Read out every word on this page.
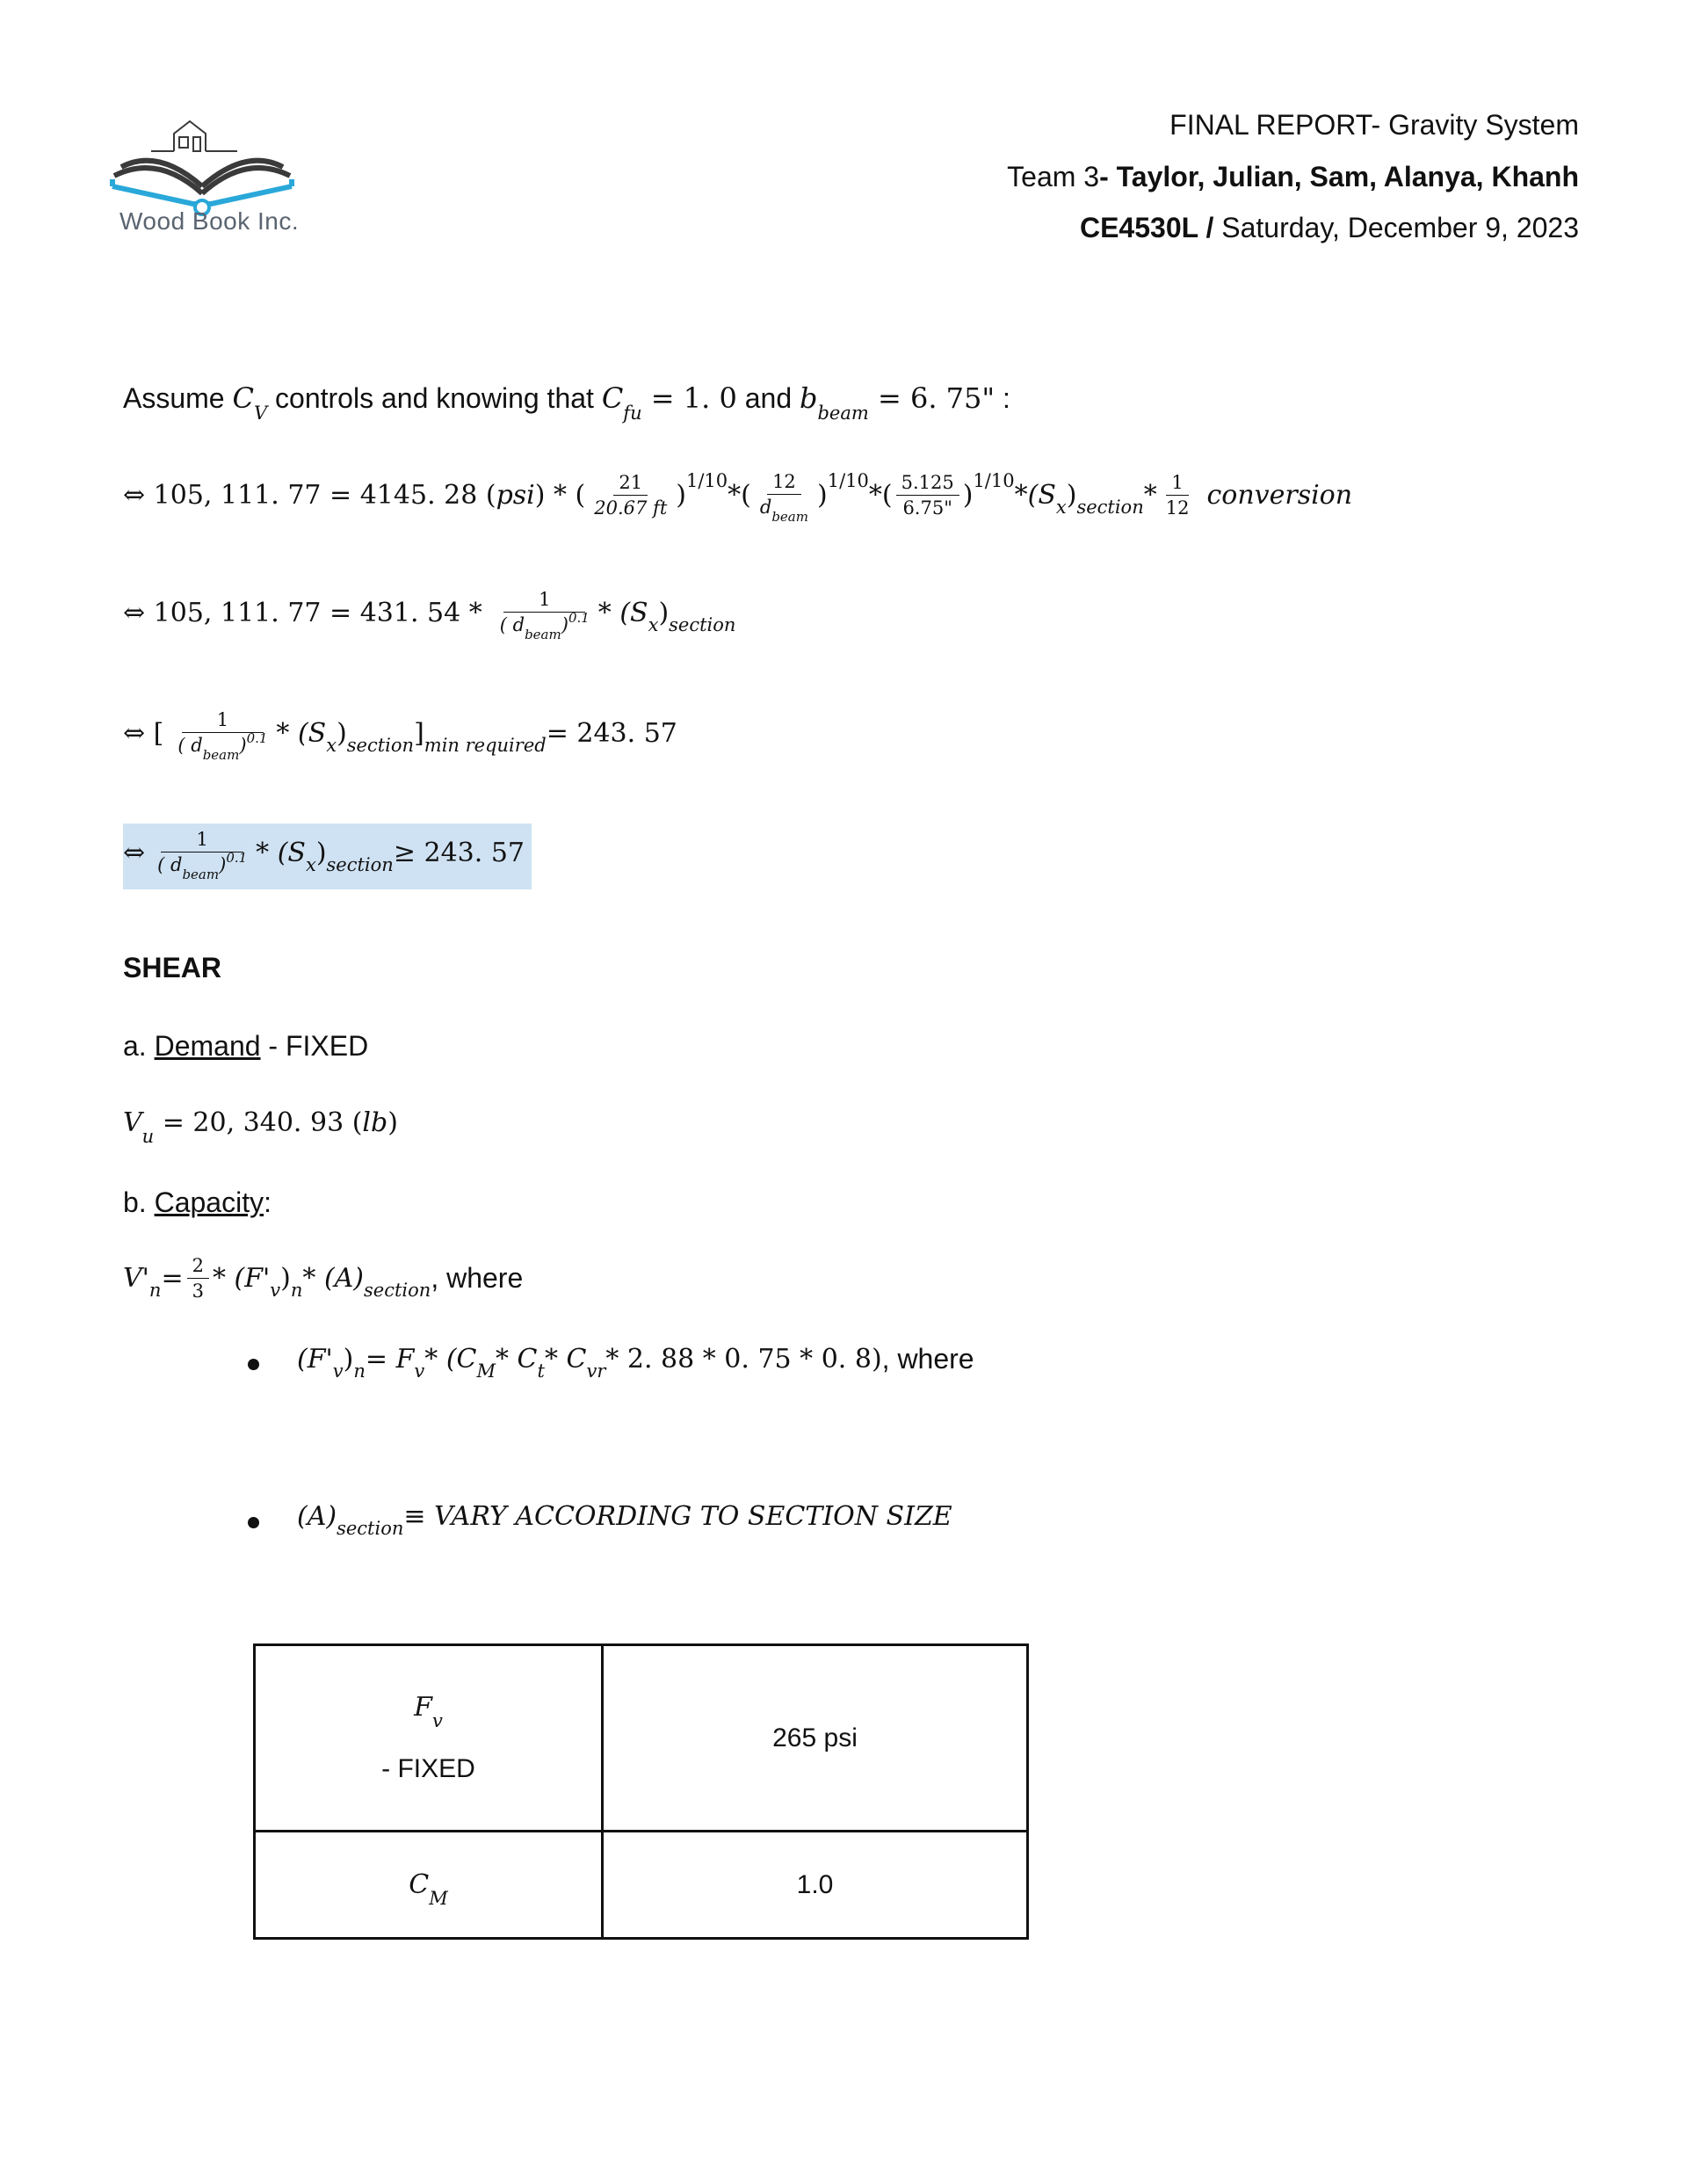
Wood Book Inc.
FINAL REPORT- Gravity System
Team 3- Taylor, Julian, Sam, Alanya, Khanh
CE4530L / Saturday, December 9, 2023
Assume $C_V$ controls and knowing that $C_{fu} = 1$. 0 and $b_{beam} = 6$. 75" :
⇔ 105, 111. 77 = 4145. 28 ( psi ) * ( $\frac{21}{20.67 ft}$ ) 1/10 * ( $\frac{12}{d_{beam}}$ ) 1/10 * ( $\frac{5.125}{6.75"}$ ) 1/10 * (S x ) section * $\frac{1}{12}$ conversion
⇔ 105, 111. 77 = 431. $54 * \frac{1}{( d_{beam})^{0.1}} * (S$ x ) section
⇔ [ $\frac{1}{( d_{beam})^{0.1}} * (S$ x ) section ] min required = 243. 57
⇔ $\frac{1}{( d_{beam})^{0.1}} * (S$ x ) section ≥ 243. 57
SHEAR
a. Demand - FIXED
$V_u = 20$, 340. 93 (lb)
b. Capacity:
V' $n = \frac{2}{3} * (F'$ v ) n * (A) section , where
(F' v ) n = F v * (C M * C t * C vr * 2. 88 * 0. 75 * 0. 8) , where
(A) section ≡ VARY ACCORDING TO SECTION SIZE
$F_v$
- FIXED	265 psi

$C_M$	1.0
